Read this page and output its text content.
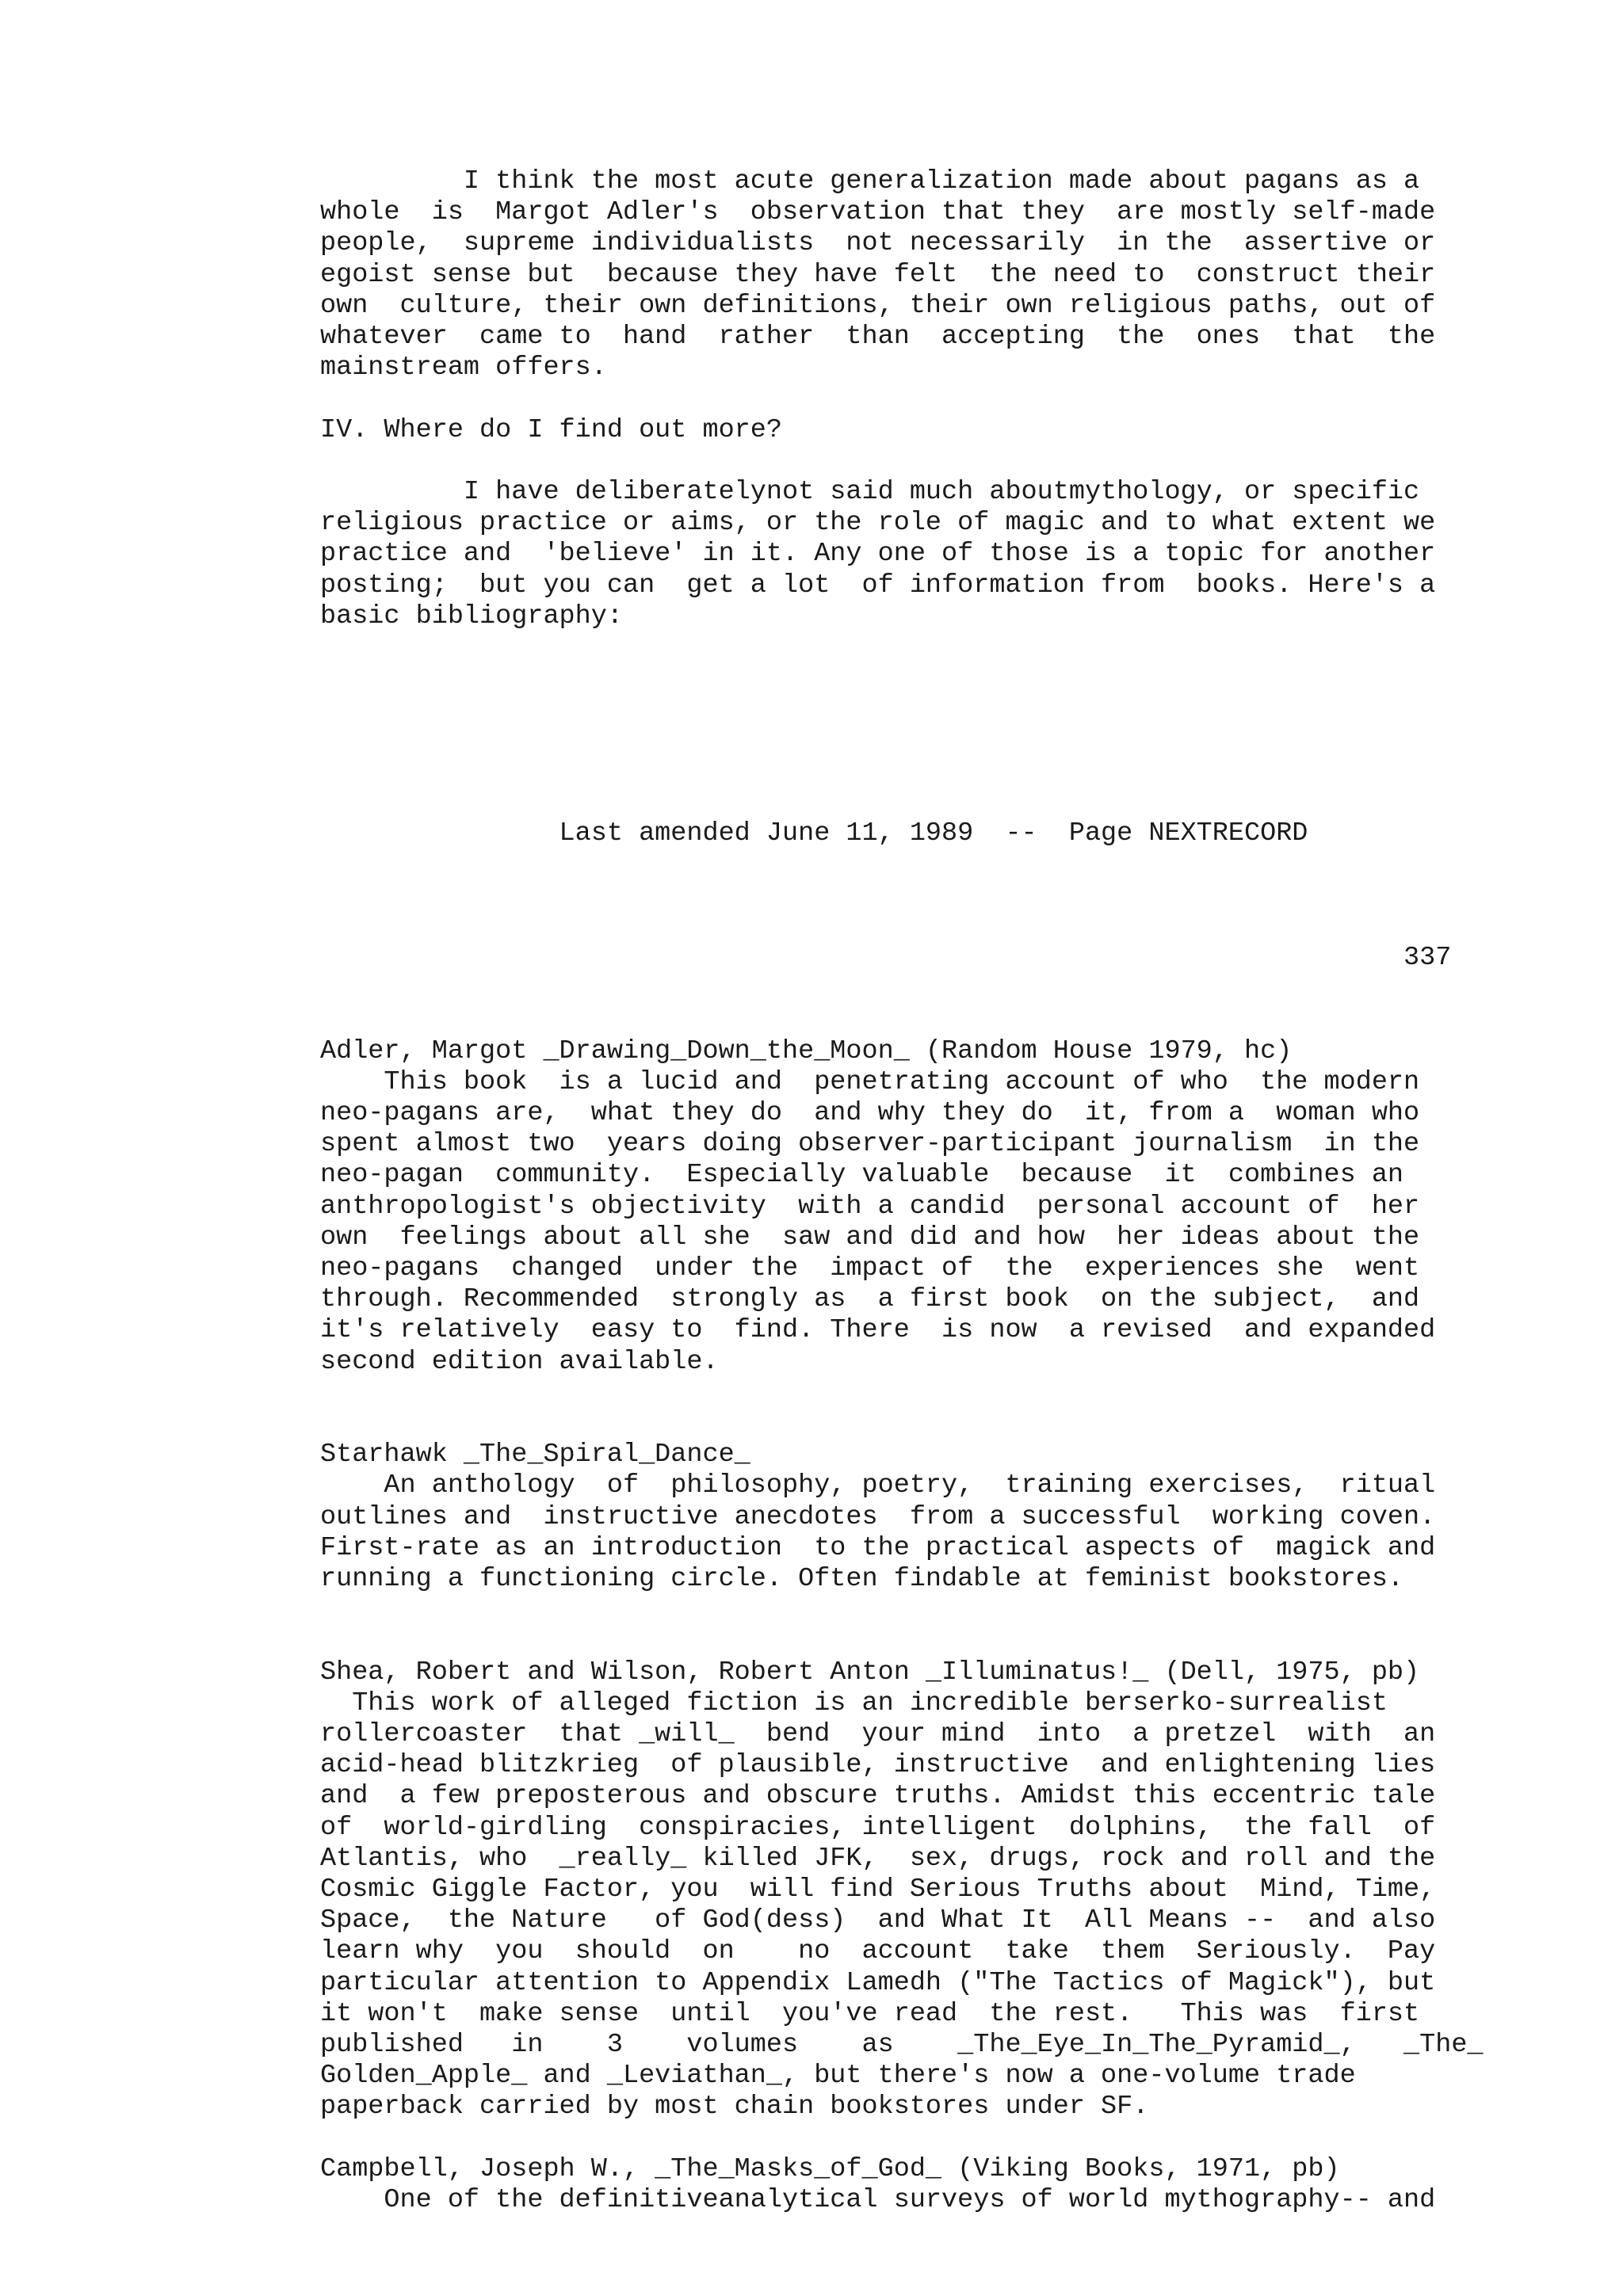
I think the most acute generalization made about pagans as a
whole  is  Margot Adler's  observation that they  are mostly self-made
people,  supreme individualists  not necessarily  in the  assertive or
egoist sense but  because they have felt  the need to  construct their
own  culture, their own definitions, their own religious paths, out of
whatever  came to  hand  rather  than  accepting  the  ones  that  the
mainstream offers.
IV. Where do I find out more?
I have deliberatelynot said much aboutmythology, or specific
religious practice or aims, or the role of magic and to what extent we
practice and  'believe' in it. Any one of those is a topic for another
posting;  but you can  get a lot  of information from  books. Here's a
basic bibliography:
Last amended June 11, 1989  --  Page NEXTRECORD
337
Adler, Margot _Drawing_Down_the_Moon_ (Random House 1979, hc)
This book  is a lucid and  penetrating account of who  the modern
neo-pagans are,  what they do  and why they do  it, from a  woman who
spent almost two  years doing observer-participant journalism  in the
neo-pagan  community.  Especially valuable  because  it  combines an
anthropologist's objectivity  with a candid  personal account of  her
own  feelings about all she  saw and did and how  her ideas about the
neo-pagans  changed  under the  impact of  the  experiences she  went
through. Recommended  strongly as  a first book  on the subject,  and
it's relatively  easy to  find. There  is now  a revised  and expanded
second edition available.
Starhawk _The_Spiral_Dance_
An anthology  of  philosophy, poetry,  training exercises,  ritual
outlines and  instructive anecdotes  from a successful  working coven.
First-rate as an introduction  to the practical aspects of  magick and
running a functioning circle. Often findable at feminist bookstores.
Shea, Robert and Wilson, Robert Anton _Illuminatus!_ (Dell, 1975, pb)
This work of alleged fiction is an incredible berserko-surrealist
rollercoaster  that _will_  bend  your mind  into  a pretzel  with  an
acid-head blitzkrieg  of plausible, instructive  and enlightening lies
and  a few preposterous and obscure truths. Amidst this eccentric tale
of  world-girdling  conspiracies, intelligent  dolphins,  the fall  of
Atlantis, who  _really_ killed JFK,  sex, drugs, rock and roll and the
Cosmic Giggle Factor, you  will find Serious Truths about  Mind, Time,
Space,  the Nature   of God(dess)  and What It  All Means --  and also
learn why  you  should  on    no  account  take  them  Seriously.  Pay
particular attention to Appendix Lamedh ("The Tactics of Magick"), but
it won't  make sense  until  you've read  the rest.   This was  first
published   in    3    volumes    as    _The_Eye_In_The_Pyramid_,   _The_
Golden_Apple_ and _Leviathan_, but there's now a one-volume trade
paperback carried by most chain bookstores under SF.
Campbell, Joseph W., _The_Masks_of_God_ (Viking Books, 1971, pb)
One of the definitiveanalytical surveys of world mythography-- and
